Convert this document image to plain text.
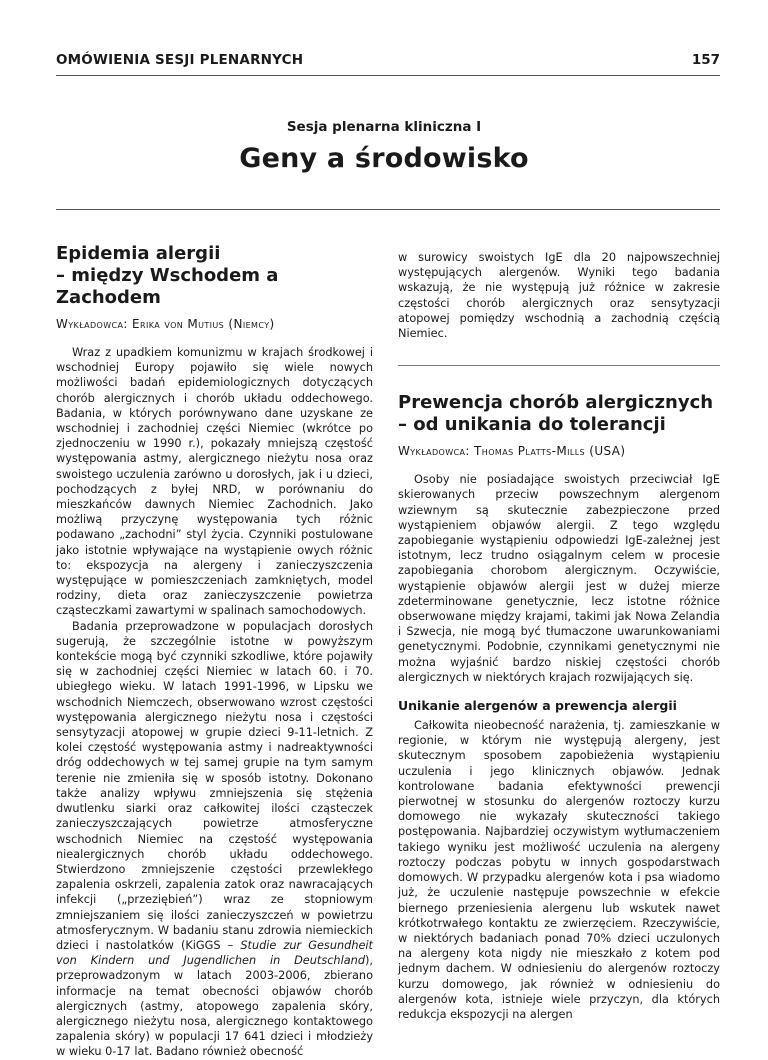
OMÓWIENIA SESJI PLENARNYCH	157
Sesja plenarna kliniczna I
Geny a środowisko
Epidemia alergii
– między Wschodem a Zachodem
Wykładowca: Erika von Mutius (Niemcy)

Wraz z upadkiem komunizmu w krajach środkowej i wschodniej Europy pojawiło się wiele nowych możliwości badań epidemiologicznych dotyczących chorób alergicznych i chorób układu oddechowego. Badania, w których porównywano dane uzyskane ze wschodniej i zachodniej części Niemiec (wkrótce po zjednoczeniu w 1990 r.), pokazały mniejszą częstość występowania astmy, alergicznego nieżytu nosa oraz swoistego uczulenia zarówno u dorosłych, jak i u dzieci, pochodzących z byłej NRD, w porównaniu do mieszkańców dawnych Niemiec Zachodnich. Jako możliwą przyczynę występowania tych różnic podawano „zachodni” styl życia. Czynniki postulowane jako istotnie wpływające na wystąpienie owych różnic to: ekspozycja na alergeny i zanieczyszczenia występujące w pomieszczeniach zamkniętych, model rodziny, dieta oraz zanieczyszczenie powietrza cząsteczkami zawartymi w spalinach samochodowych.

Badania przeprowadzone w populacjach dorosłych sugerują, że szczególnie istotne w powyższym kontekście mogą być czynniki szkodliwe, które pojawiły się w zachodniej części Niemiec w latach 60. i 70. ubiegłego wieku. W latach 1991-1996, w Lipsku we wschodnich Niemczech, obserwowano wzrost częstości występowania alergicznego nieżytu nosa i częstości sensytyzacji atopowej w grupie dzieci 9-11-letnich. Z kolei częstość występowania astmy i nadreaktywności dróg oddechowych w tej samej grupie na tym samym terenie nie zmieniła się w sposób istotny. Dokonano także analizy wpływu zmniejszenia się stężenia dwutlenku siarki oraz całkowitej ilości cząsteczek zanieczyszczających powietrze atmosferyczne wschodnich Niemiec na częstość występowania niealergicznych chorób układu oddechowego. Stwierdzono zmniejszenie częstości przewlekłego zapalenia oskrzeli, zapalenia zatok oraz nawracających infekcji („przeziębień”) wraz ze stopniowym zmniejszaniem się ilości zanieczyszczeń w powietrzu atmosferycznym. W badaniu stanu zdrowia niemieckich dzieci i nastolatków (KiGGS – Studie zur Gesundheit von Kindern und Jugendlichen in Deutschland), przeprowadzonym w latach 2003-2006, zbierano informacje na temat obecności objawów chorób alergicznych (astmy, atopowego zapalenia skóry, alergicznego nieżytu nosa, alergicznego kontaktowego zapalenia skóry) w populacji 17 641 dzieci i młodzieży w wieku 0-17 lat. Badano również obecność

w surowicy swoistych IgE dla 20 najpowszechniej występujących alergenów. Wyniki tego badania wskazują, że nie występują już różnice w zakresie częstości chorób alergicznych oraz sensytyzacji atopowej pomiędzy wschodnią a zachodnią częścią Niemiec.

Prewencja chorób alergicznych
– od unikania do tolerancji
Wykładowca: Thomas Platts-Mills (USA)

Osoby nie posiadające swoistych przeciwciał IgE skierowanych przeciw powszechnym alergenom wziewnym są skutecznie zabezpieczone przed wystąpieniem objawów alergii. Z tego względu zapobieganie wystąpieniu odpowiedzi IgE-zależnej jest istotnym, lecz trudno osiągalnym celem w procesie zapobiegania chorobom alergicznym. Oczywiście, wystąpienie objawów alergii jest w dużej mierze zdeterminowane genetycznie, lecz istotne różnice obserwowane między krajami, takimi jak Nowa Zelandia i Szwecja, nie mogą być tłumaczone uwarunkowaniami genetycznymi. Podobnie, czynnikami genetycznymi nie można wyjaśnić bardzo niskiej częstości chorób alergicznych w niektórych krajach rozwijających się.

Unikanie alergenów a prewencja alergii

Całkowita nieobecność narażenia, tj. zamieszkanie w regionie, w którym nie występują alergeny, jest skutecznym sposobem zapobieżenia wystąpieniu uczulenia i jego klinicznych objawów. Jednak kontrolowane badania efektywności prewencji pierwotnej w stosunku do alergenów roztoczy kurzu domowego nie wykazały skuteczności takiego postępowania. Najbardziej oczywistym wytłumaczeniem takiego wyniku jest możliwość uczulenia na alergeny roztoczy podczas pobytu w innych gospodarstwach domowych. W przypadku alergenów kota i psa wiadomo już, że uczulenie następuje powszechnie w efekcie biernego przeniesienia alergenu lub wskutek nawet krótkotrwałego kontaktu ze zwierzęciem. Rzeczywiście, w niektórych badaniach ponad 70% dzieci uczulonych na alergeny kota nigdy nie mieszkało z kotem pod jednym dachem. W odniesieniu do alergenów roztoczy kurzu domowego, jak również w odniesieniu do alergenów kota, istnieje wiele przyczyn, dla których redukcja ekspozycji na alergen
